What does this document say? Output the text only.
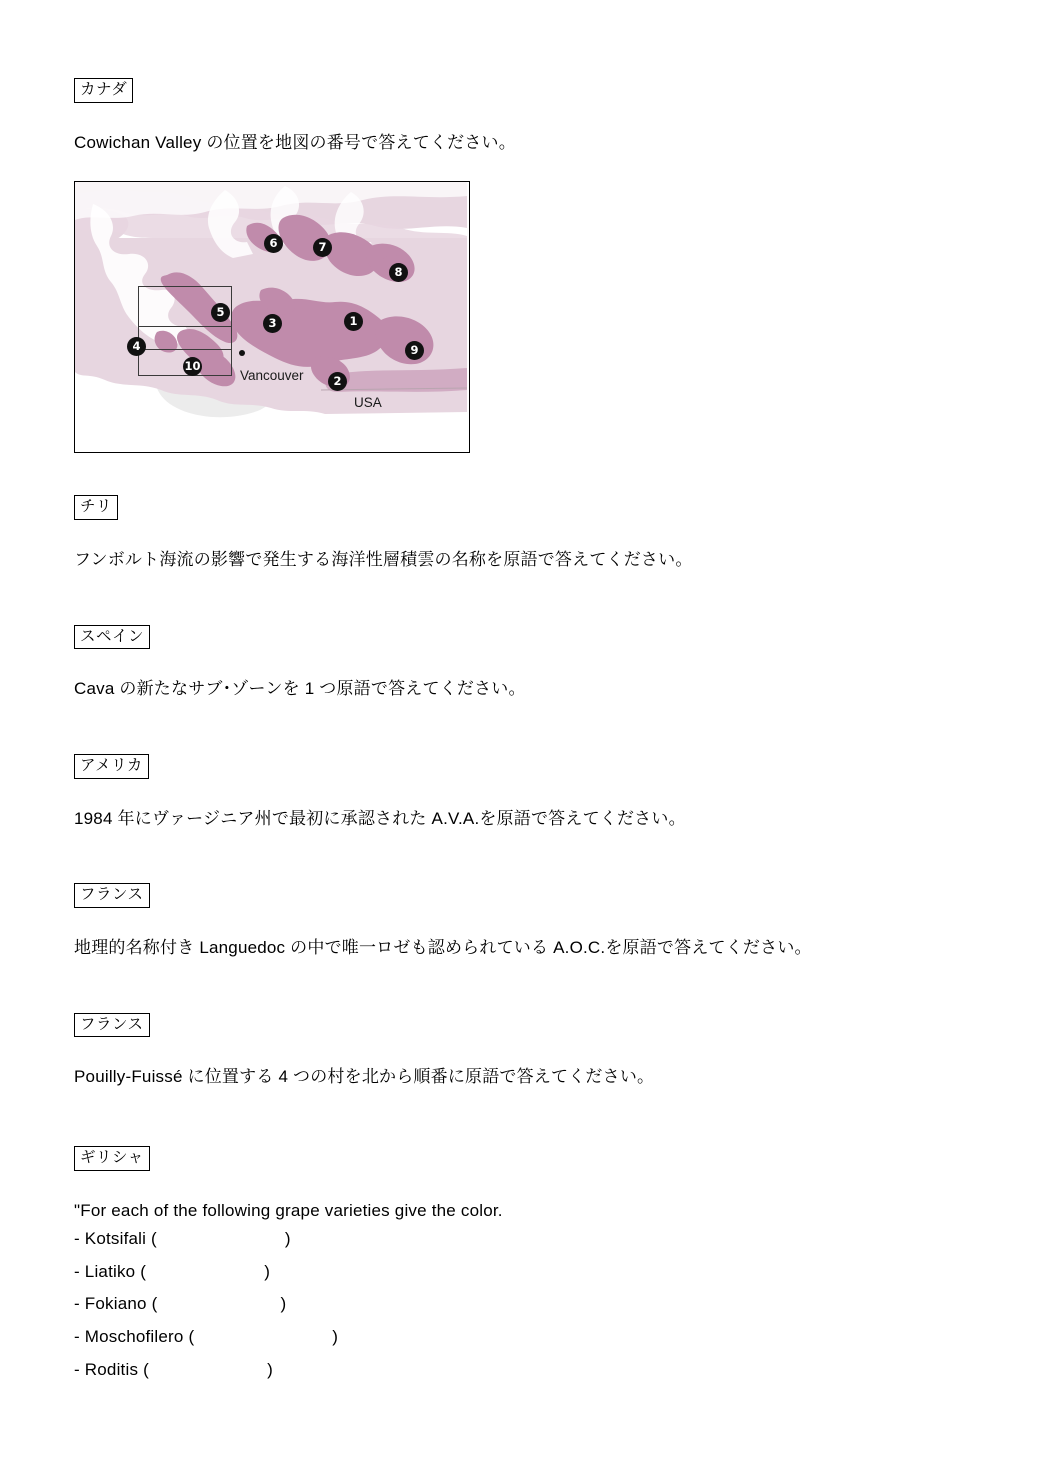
カナダ
Cowichan Valley の位置を地図の番号で答えてください。
1
2
3
4
5
6	7
8
9
10
Vancouver
USA
チリ
フンボルト海流の影響で発生する海洋性層積雲の名称を原語で答えてください。
スペイン
Cava の新たなサブ･ゾーンを 1 つ原語で答えてください。
アメリカ
1984 年にヴァージニア州で最初に承認された A.V.A.を原語で答えてください。
フランス
地理的名称付き Languedoc の中で唯一ロゼも認められている A.O.C.を原語で答えてください。
フランス
Pouilly-Fuissé に位置する 4 つの村を北から順番に原語で答えてください。
ギリシャ
"For each of the following grape varieties give the color.
- Kotsifali (                          )
- Liatiko (                        )
- Fokiano (                         )
- Moschofilero (                            )
- Roditis (                        )
